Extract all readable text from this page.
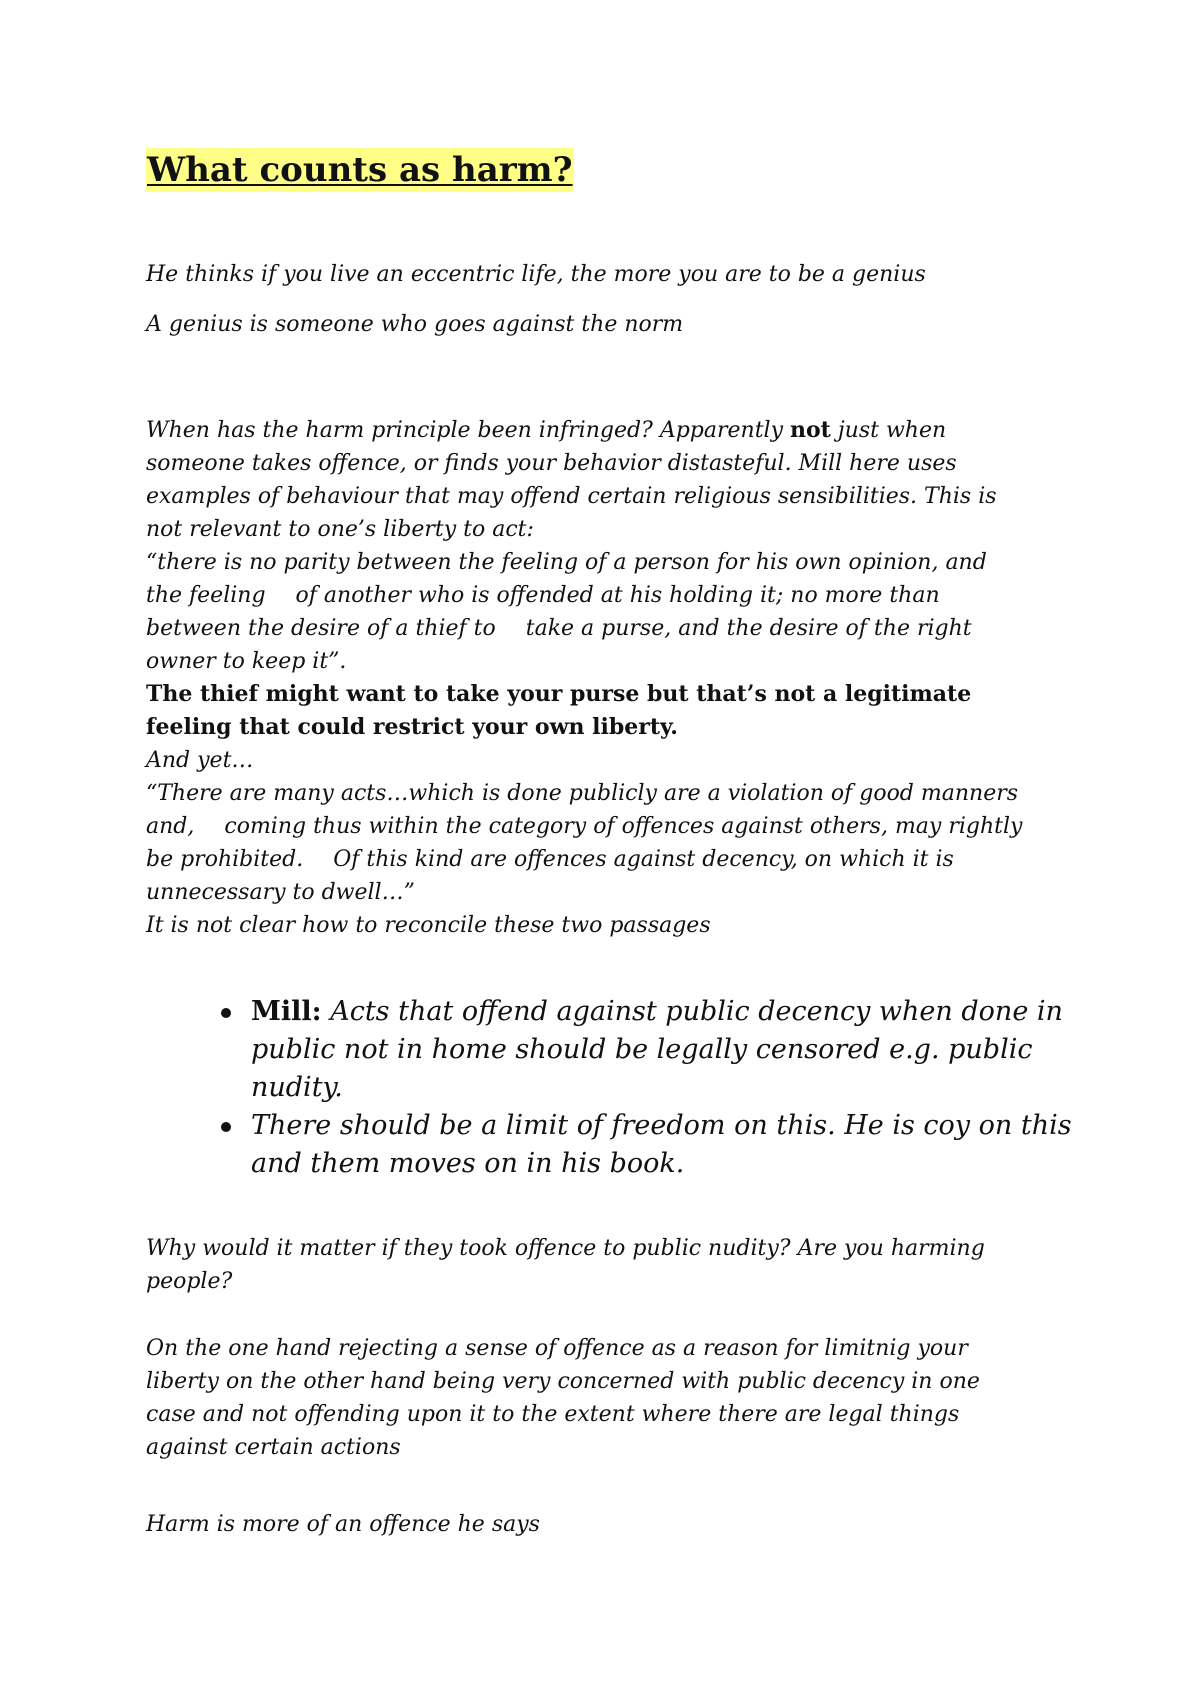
What counts as harm?

He thinks if you live an eccentric life, the more you are to be a genius

A genius is someone who goes against the norm

When has the harm principle been infringed? Apparently not just when
someone takes offence, or finds your behavior distasteful. Mill here uses
examples of behaviour that may offend certain religious sensibilities. This is
not relevant to one’s liberty to act:
“there is no parity between the feeling of a person for his own opinion, and
the feeling of another who is offended at his holding it; no more than
between the desire of a thief to take a purse, and the desire of the right
owner to keep it”.
The thief might want to take your purse but that’s not a legitimate
feeling that could restrict your own liberty.
And yet…
“There are many acts…which is done publicly are a violation of good manners
and, coming thus within the category of offences against others, may rightly
be prohibited. Of this kind are offences against decency, on which it is
unnecessary to dwell…”
It is not clear how to reconcile these two passages
Mill: Acts that offend against public decency when done in
public not in home should be legally censored e.g. public
nudity.
There should be a limit of freedom on this. He is coy on this
and them moves on in his book.
Why would it matter if they took offence to public nudity? Are you harming
people?
On the one hand rejecting a sense of offence as a reason for limitnig your
liberty on the other hand being very concerned with public decency in one
case and not offending upon it to the extent where there are legal things
against certain actions

Harm is more of an offence he says
